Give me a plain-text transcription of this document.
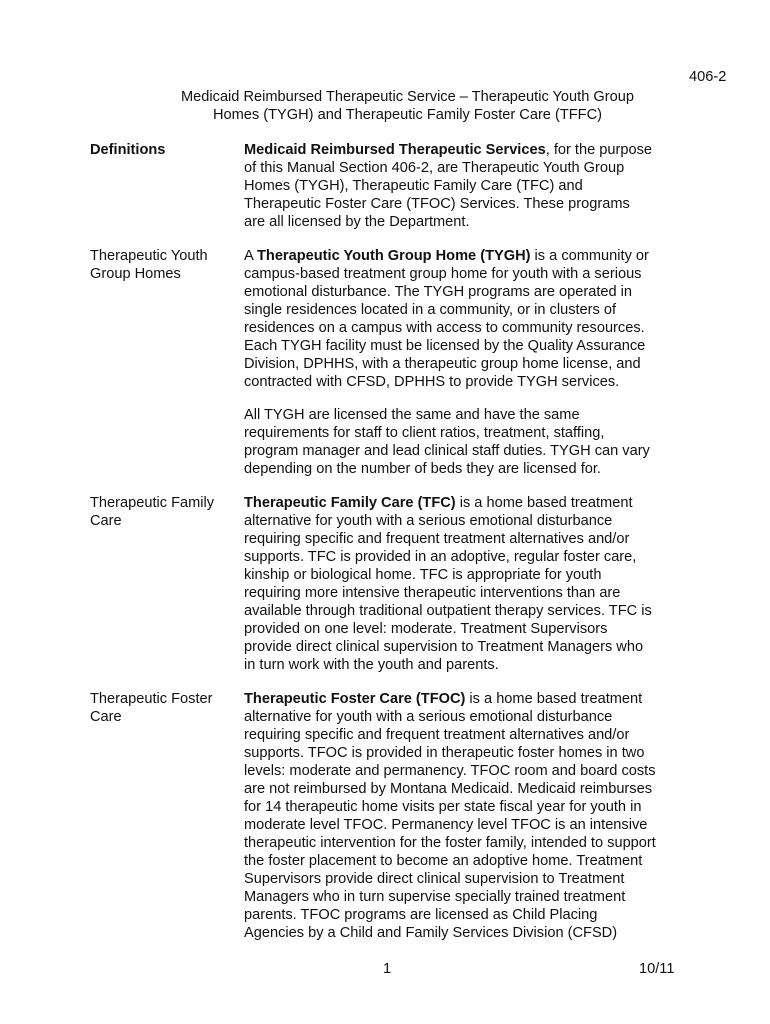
406-2
Medicaid Reimbursed Therapeutic Service – Therapeutic Youth Group
Homes (TYGH) and Therapeutic Family Foster Care (TFFC)
Definitions	Medicaid Reimbursed Therapeutic Services, for the purpose
of this Manual Section 406-2, are Therapeutic Youth Group
Homes (TYGH), Therapeutic Family Care (TFC) and
Therapeutic Foster Care (TFOC) Services. These programs
are all licensed by the Department.
Therapeutic Youth
Group Homes
A Therapeutic Youth Group Home (TYGH) is a community or
campus-based treatment group home for youth with a serious
emotional disturbance. The TYGH programs are operated in
single residences located in a community, or in clusters of
residences on a campus with access to community resources.
Each TYGH facility must be licensed by the Quality Assurance
Division, DPHHS, with a therapeutic group home license, and
contracted with CFSD, DPHHS to provide TYGH services.
All TYGH are licensed the same and have the same
requirements for staff to client ratios, treatment, staffing,
program manager and lead clinical staff duties. TYGH can vary
depending on the number of beds they are licensed for.
Therapeutic Family
Care
Therapeutic Family Care (TFC) is a home based treatment
alternative for youth with a serious emotional disturbance
requiring specific and frequent treatment alternatives and/or
supports. TFC is provided in an adoptive, regular foster care,
kinship or biological home. TFC is appropriate for youth
requiring more intensive therapeutic interventions than are
available through traditional outpatient therapy services. TFC is
provided on one level: moderate. Treatment Supervisors
provide direct clinical supervision to Treatment Managers who
in turn work with the youth and parents.
Therapeutic Foster
Care
Therapeutic Foster Care (TFOC) is a home based treatment
alternative for youth with a serious emotional disturbance
requiring specific and frequent treatment alternatives and/or
supports. TFOC is provided in therapeutic foster homes in two
levels: moderate and permanency. TFOC room and board costs
are not reimbursed by Montana Medicaid. Medicaid reimburses
for 14 therapeutic home visits per state fiscal year for youth in
moderate level TFOC. Permanency level TFOC is an intensive
therapeutic intervention for the foster family, intended to support
the foster placement to become an adoptive home. Treatment
Supervisors provide direct clinical supervision to Treatment
Managers who in turn supervise specially trained treatment
parents. TFOC programs are licensed as Child Placing
Agencies by a Child and Family Services Division (CFSD)
1	10/11
